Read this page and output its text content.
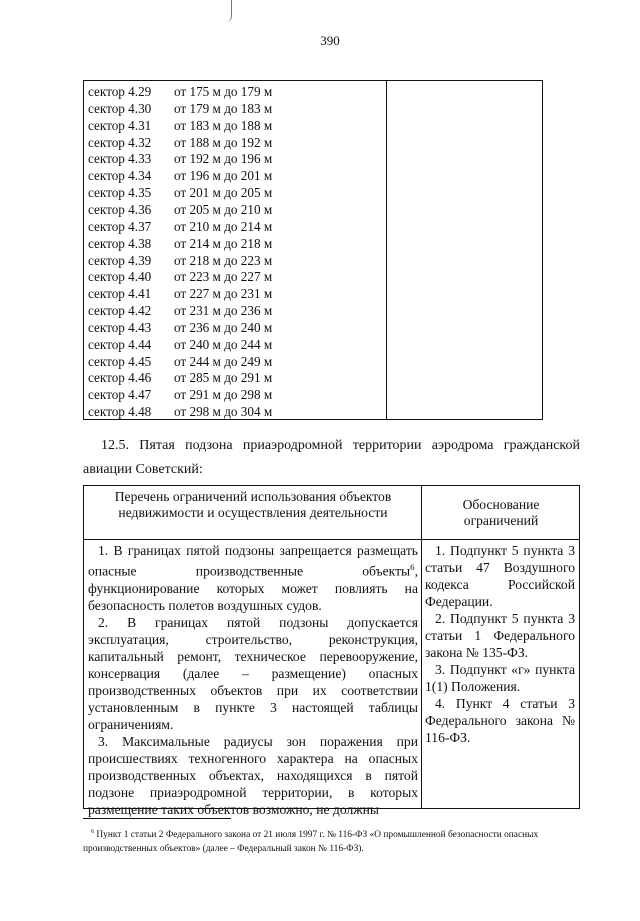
390
сектор 4.29 от 175 м до 179 м
сектор 4.30 от 179 м до 183 м
сектор 4.31 от 183 м до 188 м
сектор 4.32 от 188 м до 192 м
сектор 4.33 от 192 м до 196 м
сектор 4.34 от 196 м до 201 м
сектор 4.35 от 201 м до 205 м
сектор 4.36 от 205 м до 210 м
сектор 4.37 от 210 м до 214 м
сектор 4.38 от 214 м до 218 м
сектор 4.39 от 218 м до 223 м
сектор 4.40 от 223 м до 227 м
сектор 4.41 от 227 м до 231 м
сектор 4.42 от 231 м до 236 м
сектор 4.43 от 236 м до 240 м
сектор 4.44 от 240 м до 244 м
сектор 4.45 от 244 м до 249 м
сектор 4.46 от 285 м до 291 м
сектор 4.47 от 291 м до 298 м
сектор 4.48 от 298 м до 304 м
12.5. Пятая подзона приаэродромной территории аэродрома гражданской авиации Советский:
Перечень ограничений использования объектов недвижимости и осуществления деятельности
Обоснование ограничений

1. В границах пятой подзоны запрещается размещать опасные производственные объекты$^6$, функционирование которых может повлиять на безопасность полетов воздушных судов.

2. В границах пятой подзоны допускается эксплуатация, строительство, реконструкция, капитальный ремонт, техническое перевооружение, консервация (далее – размещение) опасных производственных объектов при их соответствии установленным в пункте 3 настоящей таблицы ограничениям.

3. Максимальные радиусы зон поражения при происшествиях техногенного характера на опасных производственных объектах, находящихся в пятой подзоне приаэродромной территории, в которых размещение таких объектов возможно, не должны

1. Подпункт 5 пункта 3 статьи 47 Воздушного кодекса Российской Федерации.

2. Подпункт 5 пункта 3 статьи 1 Федерального закона № 135-ФЗ.

3. Подпункт «г» пункта 1(1) Положения.

4. Пункт 4 статьи 3 Федерального закона № 116-ФЗ.

$^6$ Пункт 1 статьи 2 Федерального закона от 21 июля 1997 г. № 116-ФЗ «О промышленной безопасности опасных производственных объектов» (далее – Федеральный закон № 116-ФЗ).
